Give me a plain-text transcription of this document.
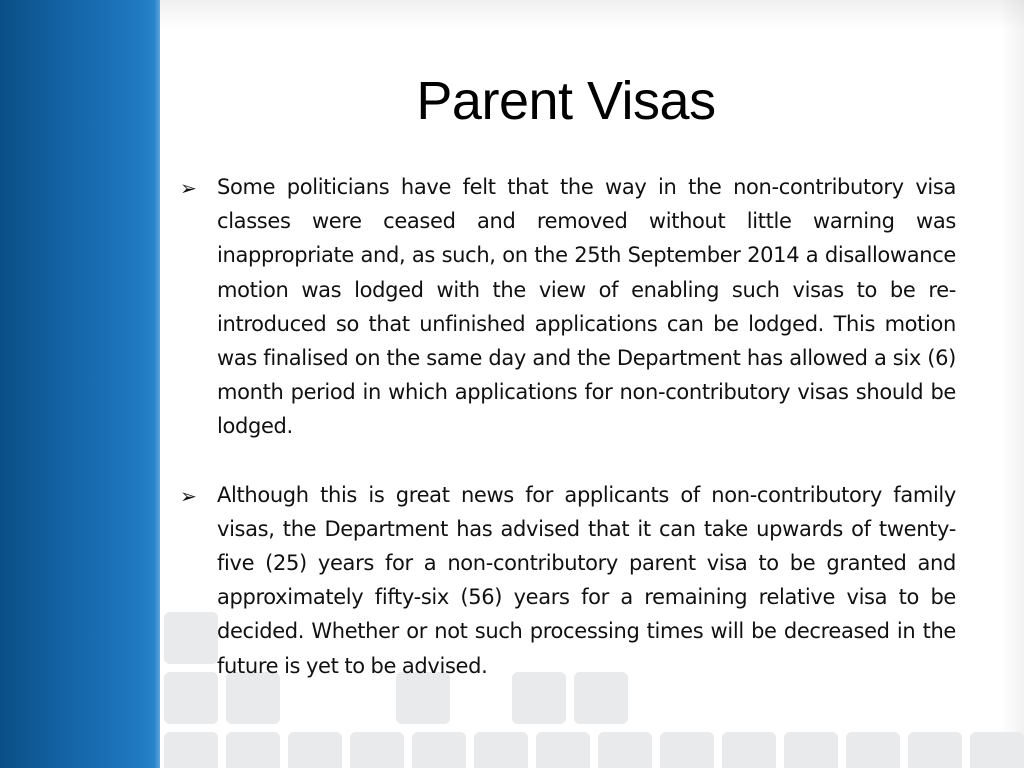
Parent Visas

➢ Some politicians have felt that the way in the non-contributory visa classes were ceased and removed without little warning was inappropriate and, as such, on the 25th September 2014 a disallowance motion was lodged with the view of enabling such visas to be re-introduced so that unfinished applications can be lodged. This motion was finalised on the same day and the Department has allowed a six (6) month period in which applications for non-contributory visas should be lodged.

➢ Although this is great news for applicants of non-contributory family visas, the Department has advised that it can take upwards of twenty-five (25) years for a non-contributory parent visa to be granted and approximately fifty-six (56) years for a remaining relative visa to be decided. Whether or not such processing times will be decreased in the future is yet to be advised.
